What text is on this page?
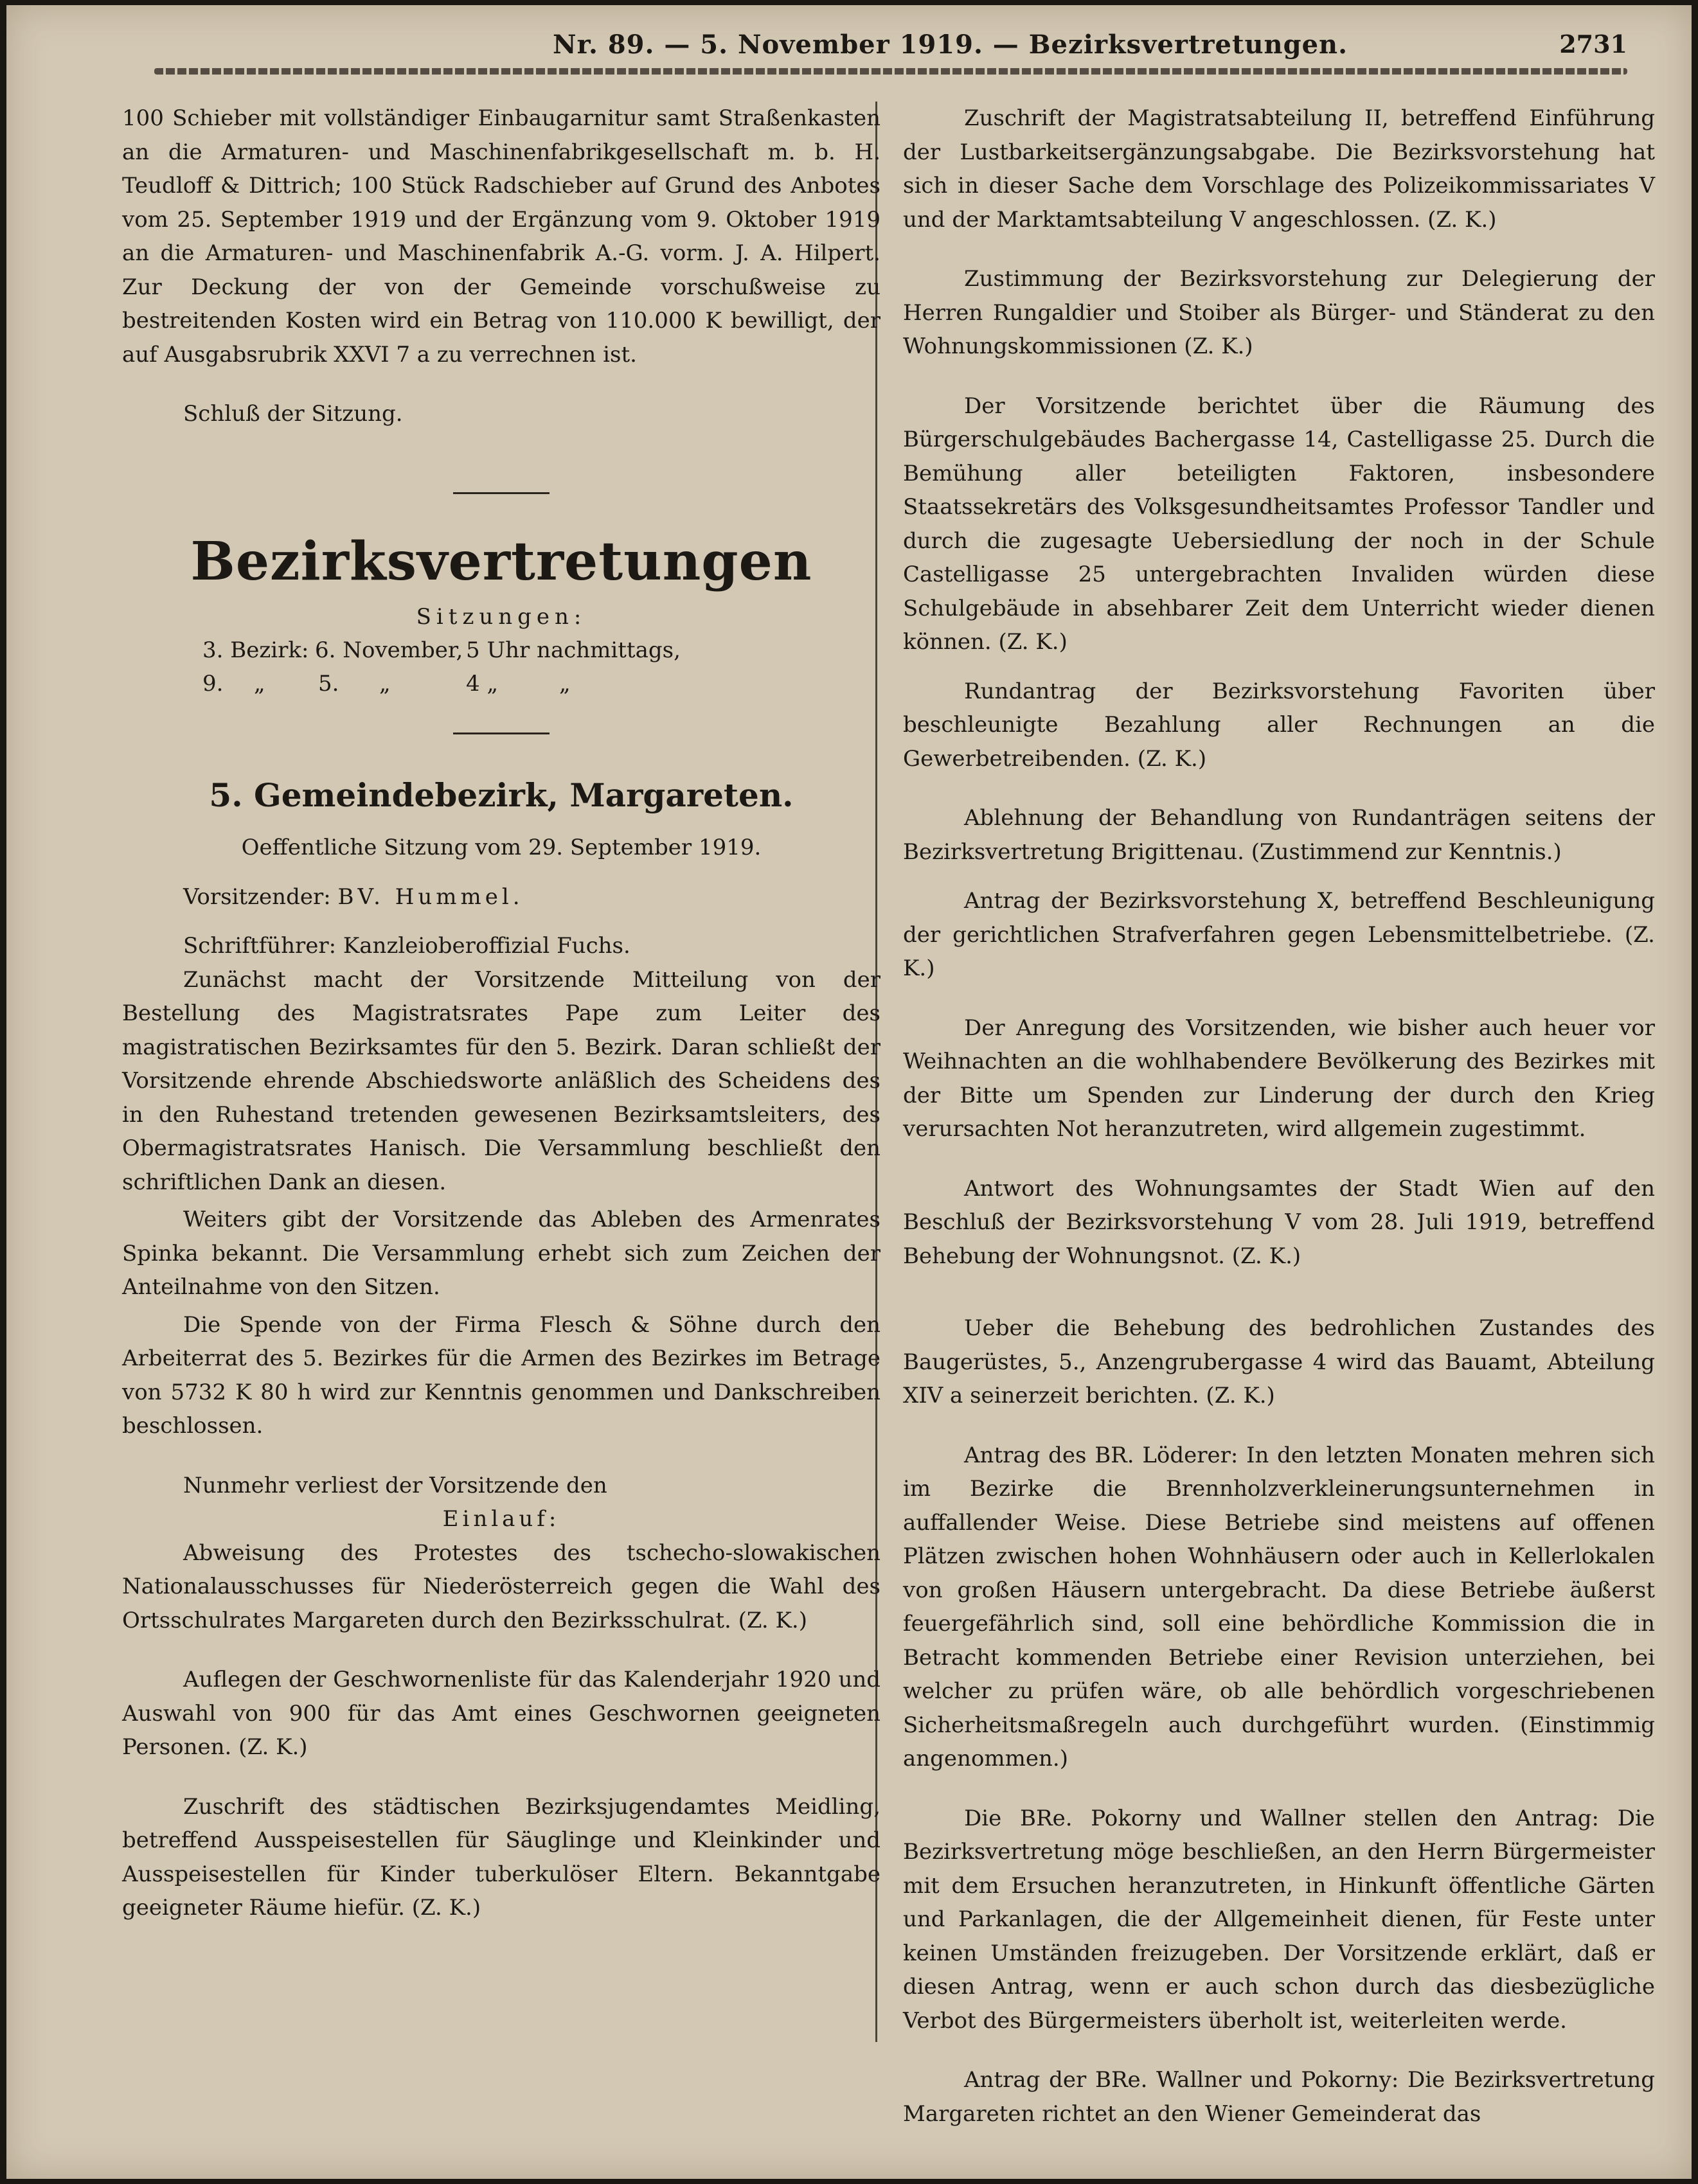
Nr. 89. — 5. November 1919. — Bezirksvertretungen.	2731

100 Schieber mit vollständiger Einbaugarnitur samt Straßenkasten an die Armaturen- und Maschinenfabrikgesellschaft m. b. H. Teudloff & Dittrich; 100 Stück Radschieber auf Grund des Anbotes vom 25. September 1919 und der Ergänzung vom 9. Oktober 1919 an die Armaturen- und Maschinenfabrik A.-G. vorm. J. A. Hilpert. Zur Deckung der von der Gemeinde vorschußweise zu bestreitenden Kosten wird ein Betrag von 110.000 K bewilligt, der auf Ausgabsrubrik XXVI 7 a zu verrechnen ist.

Schluß der Sitzung.

Bezirksvertretungen

Sitzungen:

3. Bezirk: 6. November, 5 Uhr nachmittags,
9.	„	5.	„	4 „	„
5. Gemeindebezirk, Margareten.

Oeffentliche Sitzung vom 29. September 1919.

Vorsitzender: BV. Hummel.

Schriftführer: Kanzleioberoffizial Fuchs.

Zunächst macht der Vorsitzende Mitteilung von der Bestellung des Magistratsrates Pape zum Leiter des magistratischen Bezirksamtes für den 5. Bezirk. Daran schließt der Vorsitzende ehrende Abschiedsworte anläßlich des Scheidens des in den Ruhestand tretenden gewesenen Bezirksamtsleiters, des Obermagistratsrates Hanisch. Die Versammlung beschließt den schriftlichen Dank an diesen.

Weiters gibt der Vorsitzende das Ableben des Armenrates Spinka bekannt. Die Versammlung erhebt sich zum Zeichen der Anteilnahme von den Sitzen.

Die Spende von der Firma Flesch & Söhne durch den Arbeiterrat des 5. Bezirkes für die Armen des Bezirkes im Betrage von 5732 K 80 h wird zur Kenntnis genommen und Dankschreiben beschlossen.

Nunmehr verliest der Vorsitzende den

Einlauf:

Abweisung des Protestes des tschecho-slowakischen Nationalausschusses für Niederösterreich gegen die Wahl des Ortsschulrates Margareten durch den Bezirksschulrat. (Z. K.)

Auflegen der Geschwornenliste für das Kalenderjahr 1920 und Auswahl von 900 für das Amt eines Geschwornen geeigneten Personen. (Z. K.)

Zuschrift des städtischen Bezirksjugendamtes Meidling, betreffend Ausspeisestellen für Säuglinge und Kleinkinder und Ausspeisestellen für Kinder tuberkulöser Eltern. Bekanntgabe geeigneter Räume hiefür. (Z. K.)

Zuschrift der Magistratsabteilung II, betreffend Einführung der Lustbarkeitsergänzungsabgabe. Die Bezirksvorstehung hat sich in dieser Sache dem Vorschlage des Polizeikommissariates V und der Marktamtsabteilung V angeschlossen. (Z. K.)

Zustimmung der Bezirksvorstehung zur Delegierung der Herren Rungaldier und Stoiber als Bürger- und Ständerat zu den Wohnungskommissionen (Z. K.)

Der Vorsitzende berichtet über die Räumung des Bürgerschulgebäudes Bachergasse 14, Castelligasse 25. Durch die Bemühung aller beteiligten Faktoren, insbesondere Staatssekretärs des Volksgesundheitsamtes Professor Tandler und durch die zugesagte Uebersiedlung der noch in der Schule Castelligasse 25 untergebrachten Invaliden würden diese Schulgebäude in absehbarer Zeit dem Unterricht wieder dienen können. (Z. K.)

Rundantrag der Bezirksvorstehung Favoriten über beschleunigte Bezahlung aller Rechnungen an die Gewerbetreibenden. (Z. K.)

Ablehnung der Behandlung von Rundanträgen seitens der Bezirksvertretung Brigittenau. (Zustimmend zur Kenntnis.)

Antrag der Bezirksvorstehung X, betreffend Beschleunigung der gerichtlichen Strafverfahren gegen Lebensmittelbetriebe. (Z. K.)

Der Anregung des Vorsitzenden, wie bisher auch heuer vor Weihnachten an die wohlhabendere Bevölkerung des Bezirkes mit der Bitte um Spenden zur Linderung der durch den Krieg verursachten Not heranzutreten, wird allgemein zugestimmt.

Antwort des Wohnungsamtes der Stadt Wien auf den Beschluß der Bezirksvorstehung V vom 28. Juli 1919, betreffend Behebung der Wohnungsnot. (Z. K.)

Ueber die Behebung des bedrohlichen Zustandes des Baugerüstes, 5., Anzengrubergasse 4 wird das Bauamt, Abteilung XIV a seinerzeit berichten. (Z. K.)

Antrag des BR. Löderer: In den letzten Monaten mehren sich im Bezirke die Brennholzverkleinerungsunternehmen in auffallender Weise. Diese Betriebe sind meistens auf offenen Plätzen zwischen hohen Wohnhäusern oder auch in Kellerlokalen von großen Häusern untergebracht. Da diese Betriebe äußerst feuergefährlich sind, soll eine behördliche Kommission die in Betracht kommenden Betriebe einer Revision unterziehen, bei welcher zu prüfen wäre, ob alle behördlich vorgeschriebenen Sicherheitsmaßregeln auch durchgeführt wurden. (Einstimmig angenommen.)

Die BRe. Pokorny und Wallner stellen den Antrag: Die Bezirksvertretung möge beschließen, an den Herrn Bürgermeister mit dem Ersuchen heranzutreten, in Hinkunft öffentliche Gärten und Parkanlagen, die der Allgemeinheit dienen, für Feste unter keinen Umständen freizugeben. Der Vorsitzende erklärt, daß er diesen Antrag, wenn er auch schon durch das diesbezügliche Verbot des Bürgermeisters überholt ist, weiterleiten werde.

Antrag der BRe. Wallner und Pokorny: Die Bezirksvertretung Margareten richtet an den Wiener Gemeinderat das
